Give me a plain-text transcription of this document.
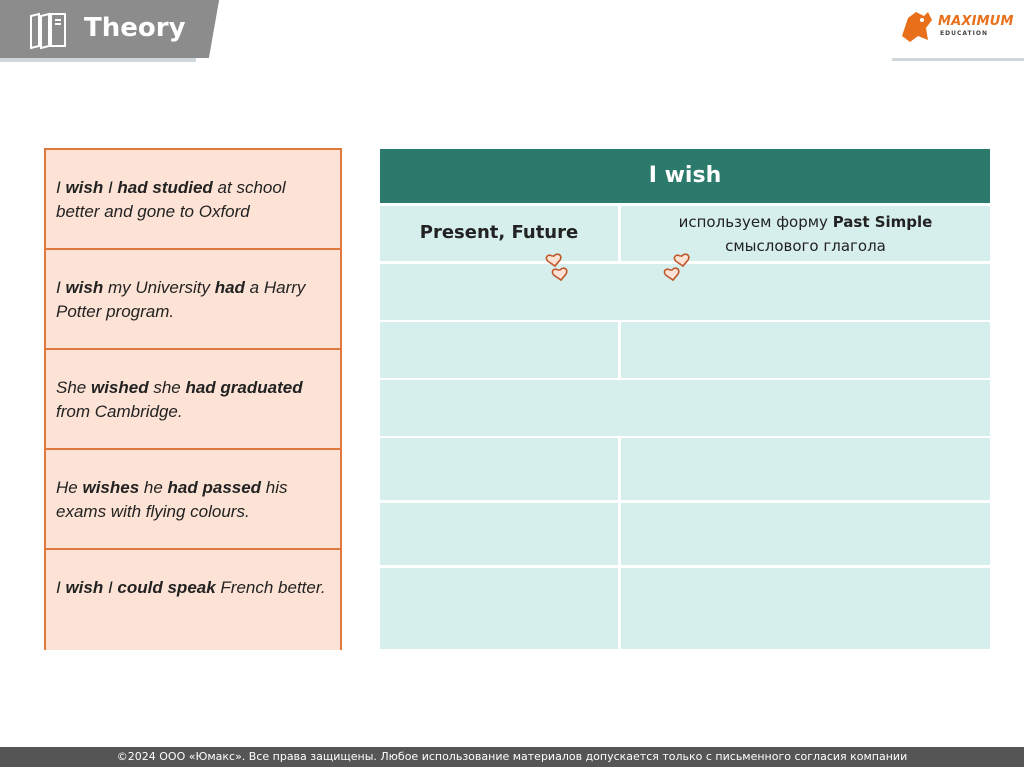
Theory	MAXIMUM
EDUCATION
I wish I had studied at school better and gone to Oxford
I wish my University had a Harry Potter program.
She wished she had graduated from Cambridge.
He wishes he had passed his exams with flying colours.
I wish I could speak French better.
I wish
Present, Future	используем форму Past Simple
смыслового глагола
©2024 ООО «Юмакс». Все права защищены. Любое использование материалов допускается только с письменного согласия компании
